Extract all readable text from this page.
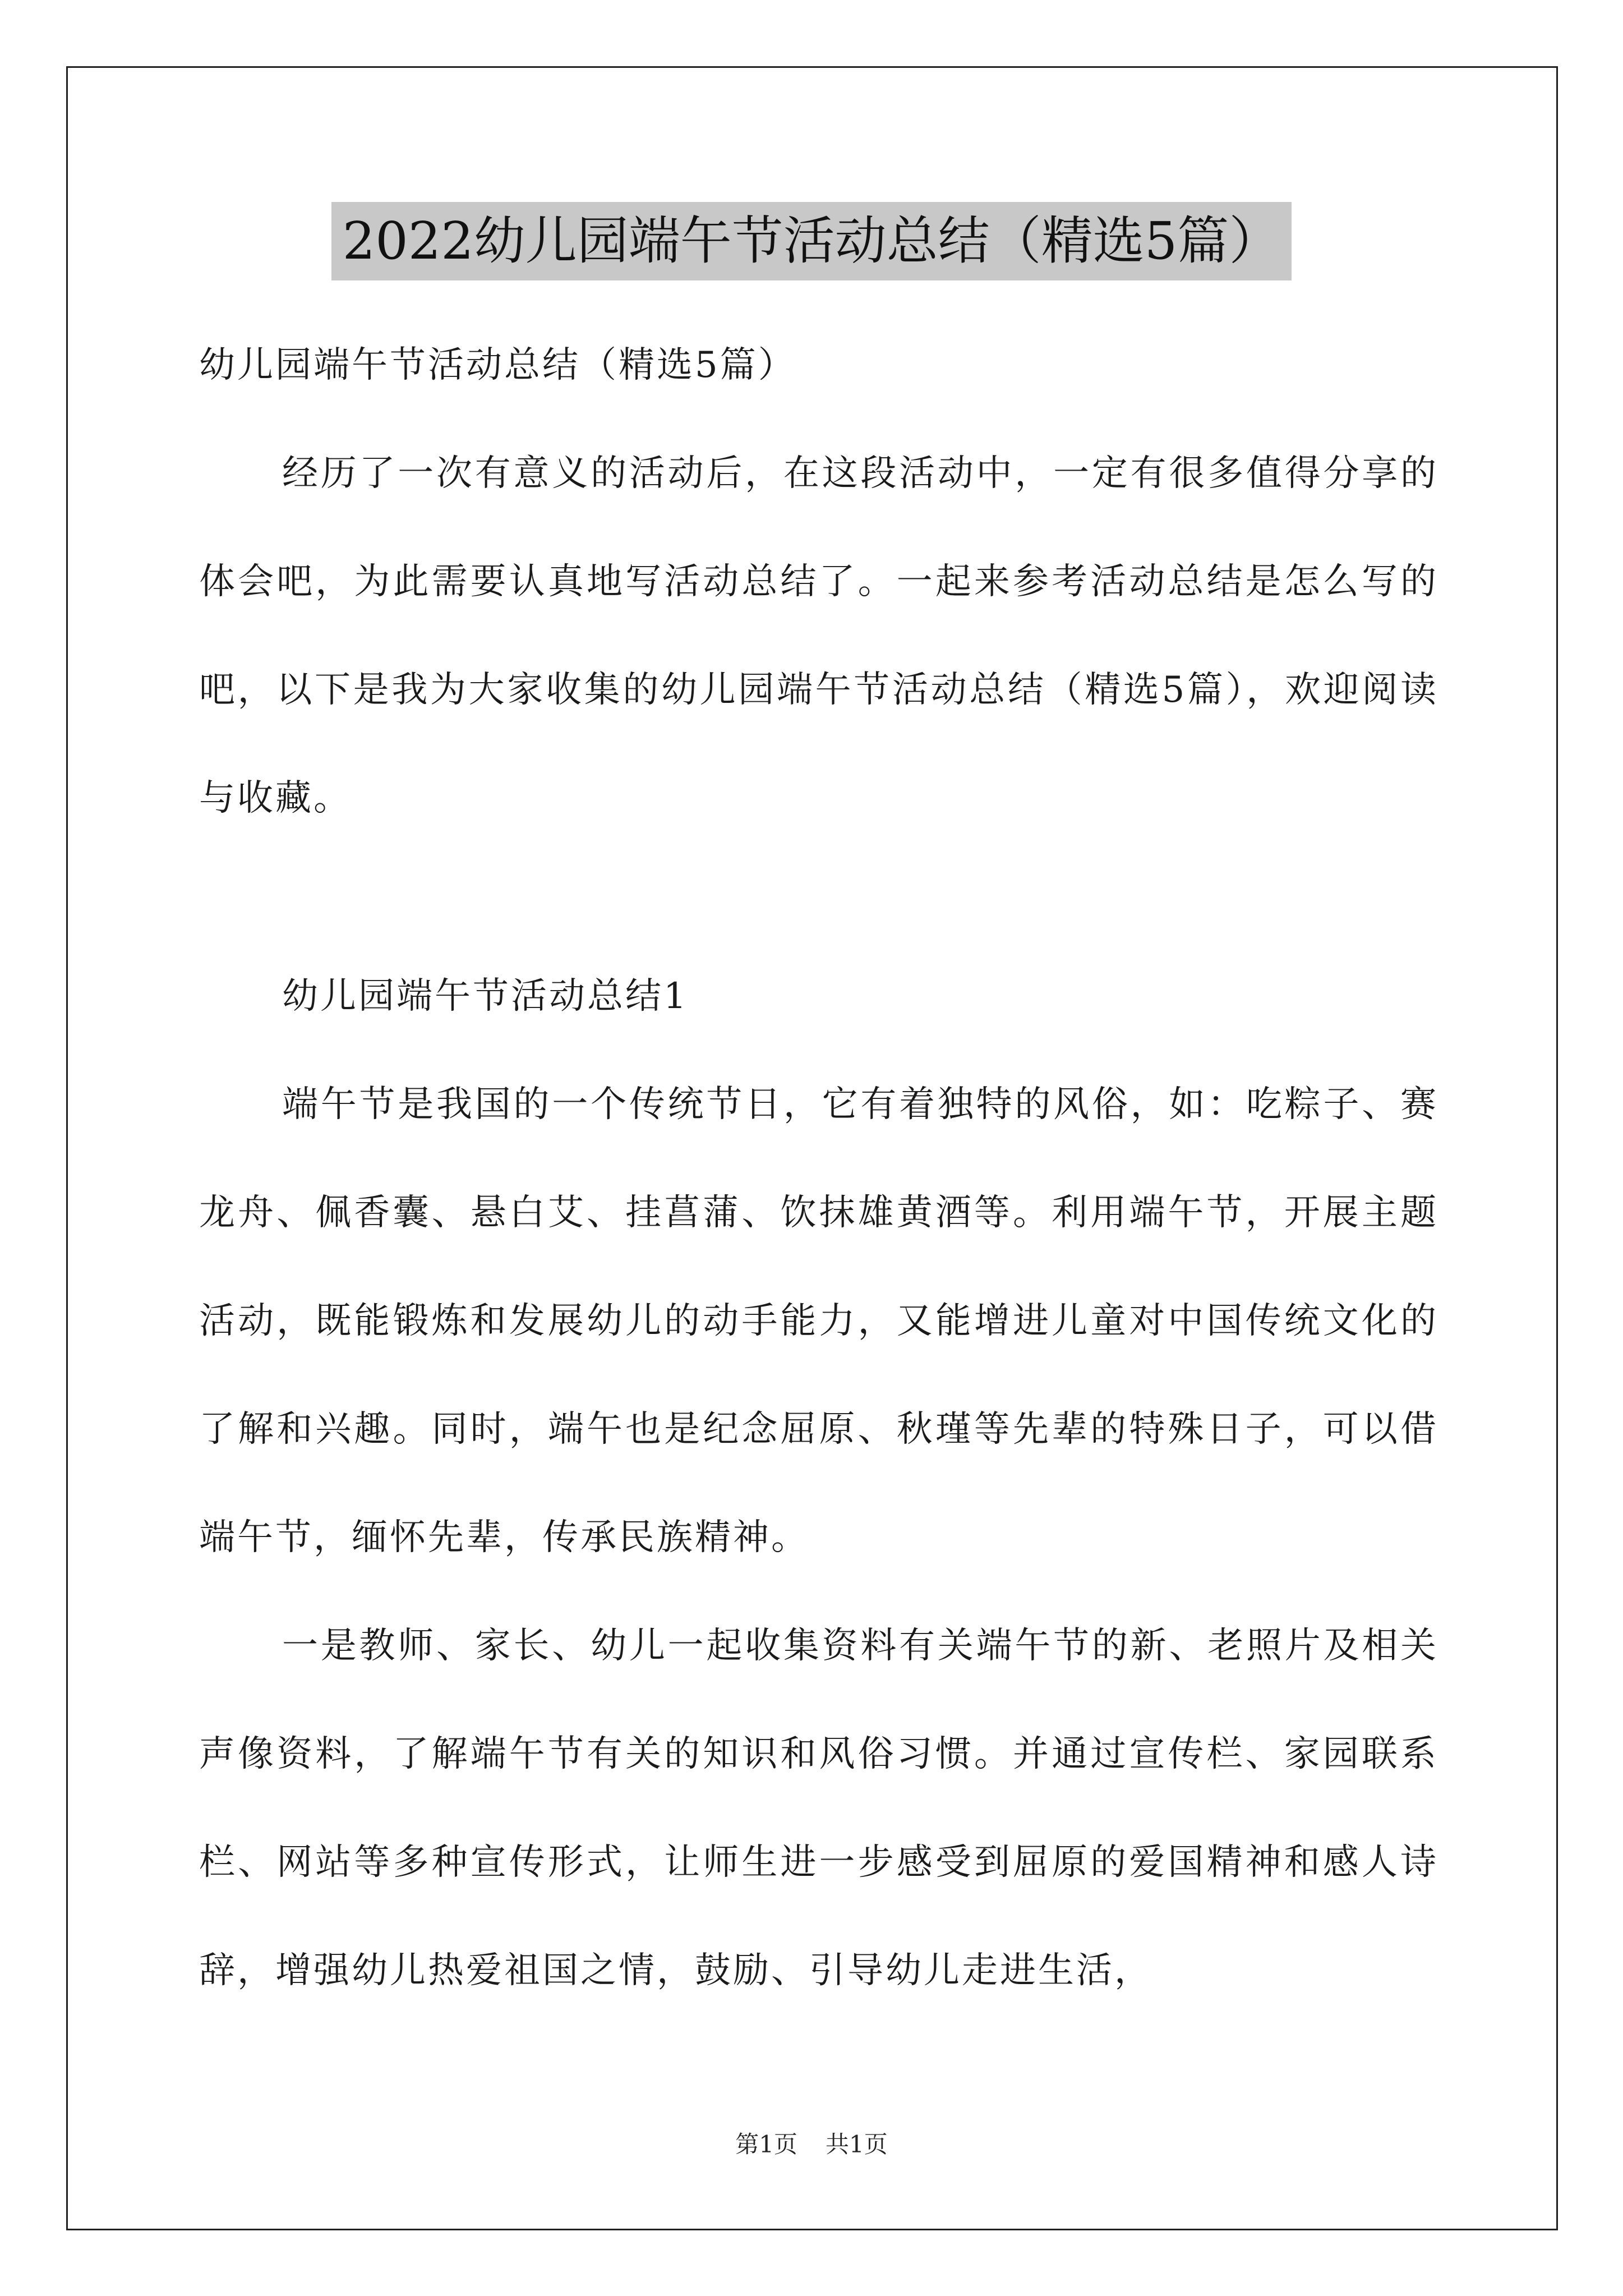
2022幼儿园端午节活动总结（精选5篇）

幼儿园端午节活动总结（精选5篇）

经历了一次有意义的活动后，在这段活动中，一定有很多值得分享的体会吧，为此需要认真地写活动总结了。一起来参考活动总结是怎么写的吧，以下是我为大家收集的幼儿园端午节活动总结（精选5篇），欢迎阅读与收藏。

幼儿园端午节活动总结1

端午节是我国的一个传统节日，它有着独特的风俗，如：吃粽子、赛龙舟、佩香囊、悬白艾、挂菖蒲、饮抹雄黄酒等。利用端午节，开展主题活动，既能锻炼和发展幼儿的动手能力，又能增进儿童对中国传统文化的了解和兴趣。同时，端午也是纪念屈原、秋瑾等先辈的特殊日子，可以借端午节，缅怀先辈，传承民族精神。

一是教师、家长、幼儿一起收集资料有关端午节的新、老照片及相关声像资料，了解端午节有关的知识和风俗习惯。并通过宣传栏、家园联系栏、网站等多种宣传形式，让师生进一步感受到屈原的爱国精神和感人诗辞，增强幼儿热爱祖国之情，鼓励、引导幼儿走进生活，

第1页 共1页
